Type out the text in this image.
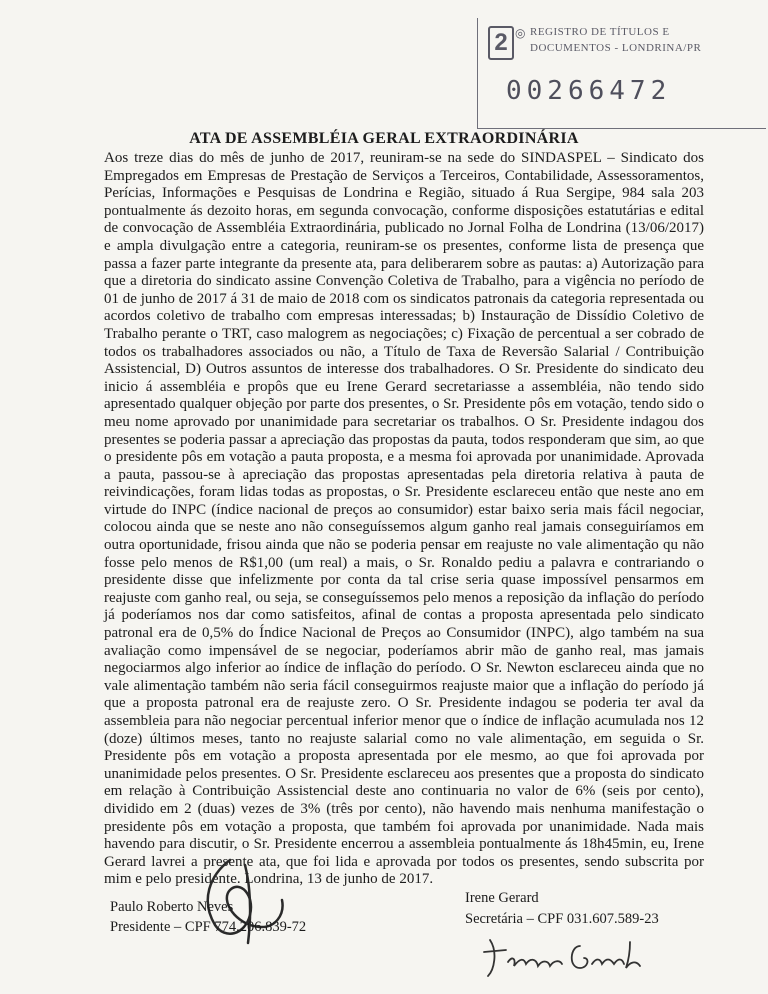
2 ◎ REGISTRO DE TÍTULOS E
DOCUMENTOS - LONDRINA/PR
00266472
ATA DE ASSEMBLÉIA GERAL EXTRAORDINÁRIA

Aos treze dias do mês de junho de 2017, reuniram-se na sede do SINDASPEL – Sindicato dos Empregados em Empresas de Prestação de Serviços a Terceiros, Contabilidade, Assessoramentos, Perícias, Informações e Pesquisas de Londrina e Região, situado á Rua Sergipe, 984 sala 203 pontualmente ás dezoito horas, em segunda convocação, conforme disposições estatutárias e edital de convocação de Assembléia Extraordinária, publicado no Jornal Folha de Londrina (13/06/2017) e ampla divulgação entre a categoria, reuniram-se os presentes, conforme lista de presença que passa a fazer parte integrante da presente ata, para deliberarem sobre as pautas: a) Autorização para que a diretoria do sindicato assine Convenção Coletiva de Trabalho, para a vigência no período de 01 de junho de 2017 á 31 de maio de 2018 com os sindicatos patronais da categoria representada ou acordos coletivo de trabalho com empresas interessadas; b) Instauração de Dissídio Coletivo de Trabalho perante o TRT, caso malogrem as negociações; c) Fixação de percentual a ser cobrado de todos os trabalhadores associados ou não, a Título de Taxa de Reversão Salarial / Contribuição Assistencial, D) Outros assuntos de interesse dos trabalhadores. O Sr. Presidente do sindicato deu inicio á assembléia e propôs que eu Irene Gerard secretariasse a assembléia, não tendo sido apresentado qualquer objeção por parte dos presentes, o Sr. Presidente pôs em votação, tendo sido o meu nome aprovado por unanimidade para secretariar os trabalhos. O Sr. Presidente indagou dos presentes se poderia passar a apreciação das propostas da pauta, todos responderam que sim, ao que o presidente pôs em votação a pauta proposta, e a mesma foi aprovada por unanimidade. Aprovada a pauta, passou-se à apreciação das propostas apresentadas pela diretoria relativa à pauta de reivindicações, foram lidas todas as propostas, o Sr. Presidente esclareceu então que neste ano em virtude do INPC (índice nacional de preços ao consumidor) estar baixo seria mais fácil negociar, colocou ainda que se neste ano não conseguíssemos algum ganho real jamais conseguiríamos em outra oportunidade, frisou ainda que não se poderia pensar em reajuste no vale alimentação qu não fosse pelo menos de R$1,00 (um real) a mais, o Sr. Ronaldo pediu a palavra e contrariando o presidente disse que infelizmente por conta da tal crise seria quase impossível pensarmos em reajuste com ganho real, ou seja, se conseguíssemos pelo menos a reposição da inflação do período já poderíamos nos dar como satisfeitos, afinal de contas a proposta apresentada pelo sindicato patronal era de 0,5% do Índice Nacional de Preços ao Consumidor (INPC), algo também na sua avaliação como impensável de se negociar, poderíamos abrir mão de ganho real, mas jamais negociarmos algo inferior ao índice de inflação do período. O Sr. Newton esclareceu ainda que no vale alimentação também não seria fácil conseguirmos reajuste maior que a inflação do período já que a proposta patronal era de reajuste zero. O Sr. Presidente indagou se poderia ter aval da assembleia para não negociar percentual inferior menor que o índice de inflação acumulada nos 12 (doze) últimos meses, tanto no reajuste salarial como no vale alimentação, em seguida o Sr. Presidente pôs em votação a proposta apresentada por ele mesmo, ao que foi aprovada por unanimidade pelos presentes. O Sr. Presidente esclareceu aos presentes que a proposta do sindicato em relação à Contribuição Assistencial deste ano continuaria no valor de 6% (seis por cento), dividido em 2 (duas) vezes de 3% (três por cento), não havendo mais nenhuma manifestação o presidente pôs em votação a proposta, que também foi aprovada por unanimidade. Nada mais havendo para discutir, o Sr. Presidente encerrou a assembleia pontualmente ás 18h45min, eu, Irene Gerard lavrei a presente ata, que foi lida e aprovada por todos os presentes, sendo subscrita por mim e pelo presidente. Londrina, 13 de junho de 2017.

Paulo Roberto Neves
Presidente – CPF 774.206.839-72
Irene Gerard
Secretária – CPF 031.607.589-23
